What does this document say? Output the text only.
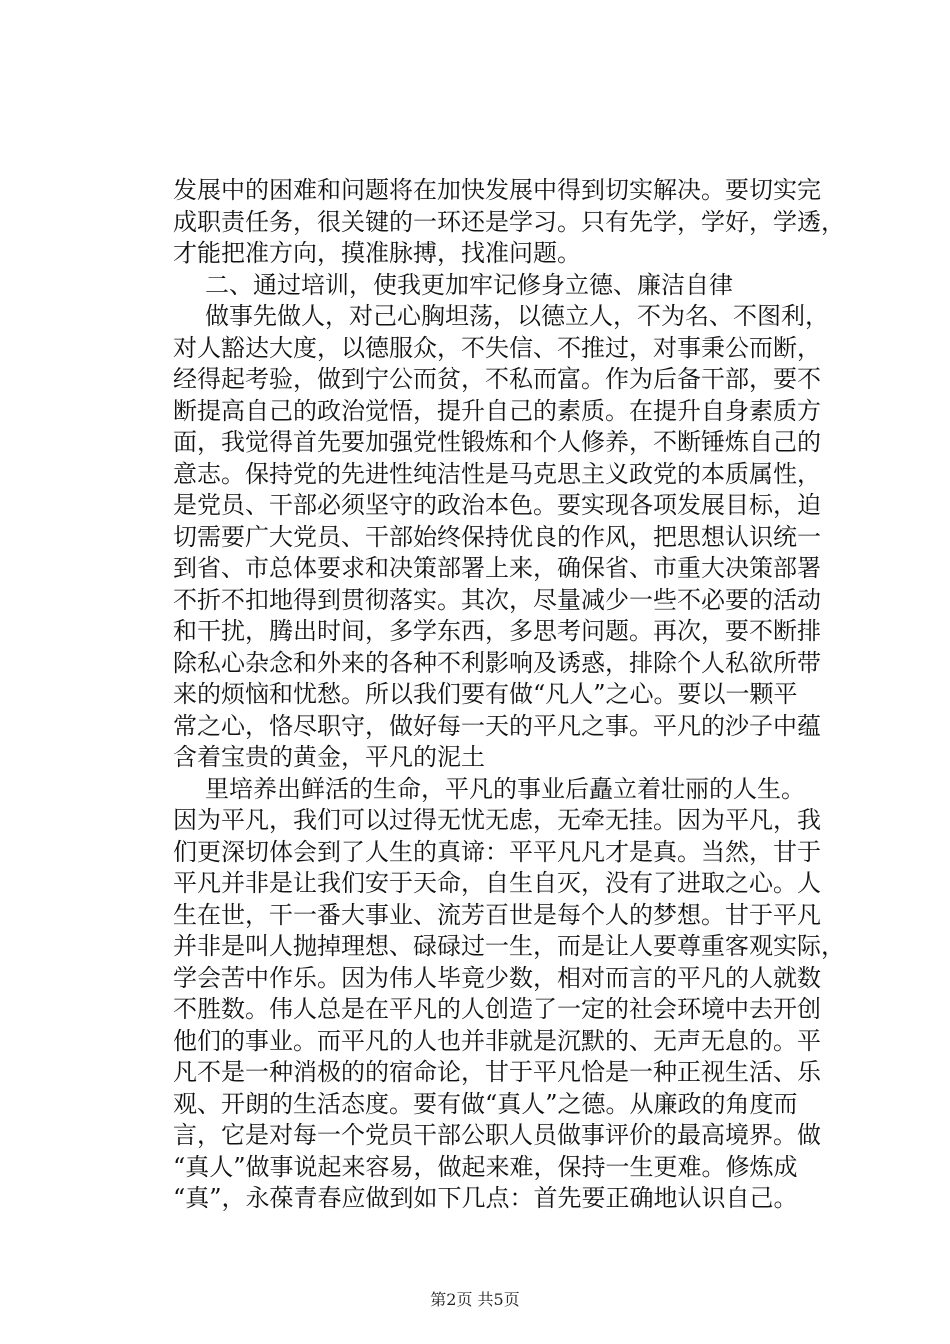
发展中的困难和问题将在加快发展中得到切实解决。要切实完
成职责任务，很关键的一环还是学习。只有先学，学好，学透，
才能把准方向，摸准脉搏，找准问题。
二、通过培训，使我更加牢记修身立德、廉洁自律
做事先做人，对己心胸坦荡，以德立人，不为名、不图利，
对人豁达大度，以德服众，不失信、不推过，对事秉公而断，
经得起考验，做到宁公而贫，不私而富。作为后备干部，要不
断提高自己的政治觉悟，提升自己的素质。在提升自身素质方
面，我觉得首先要加强党性锻炼和个人修养，不断锤炼自己的
意志。保持党的先进性纯洁性是马克思主义政党的本质属性，
是党员、干部必须坚守的政治本色。要实现各项发展目标，迫
切需要广大党员、干部始终保持优良的作风，把思想认识统一
到省、市总体要求和决策部署上来，确保省、市重大决策部署
不折不扣地得到贯彻落实。其次，尽量减少一些不必要的活动
和干扰，腾出时间，多学东西，多思考问题。再次，要不断排
除私心杂念和外来的各种不利影响及诱惑，排除个人私欲所带
来的烦恼和忧愁。所以我们要有做“凡人”之心。要以一颗平
常之心，恪尽职守，做好每一天的平凡之事。平凡的沙子中蕴
含着宝贵的黄金，平凡的泥土
里培养出鲜活的生命，平凡的事业后矗立着壮丽的人生。
因为平凡，我们可以过得无忧无虑，无牵无挂。因为平凡，我
们更深切体会到了人生的真谛：平平凡凡才是真。当然，甘于
平凡并非是让我们安于天命，自生自灭，没有了进取之心。人
生在世，干一番大事业、流芳百世是每个人的梦想。甘于平凡
并非是叫人抛掉理想、碌碌过一生，而是让人要尊重客观实际，
学会苦中作乐。因为伟人毕竟少数，相对而言的平凡的人就数
不胜数。伟人总是在平凡的人创造了一定的社会环境中去开创
他们的事业。而平凡的人也并非就是沉默的、无声无息的。平
凡不是一种消极的的宿命论，甘于平凡恰是一种正视生活、乐
观、开朗的生活态度。要有做“真人”之德。从廉政的角度而
言，它是对每一个党员干部公职人员做事评价的最高境界。做
“真人”做事说起来容易，做起来难，保持一生更难。修炼成
“真”，永葆青春应做到如下几点：首先要正确地认识自己。
第2页 共5页
